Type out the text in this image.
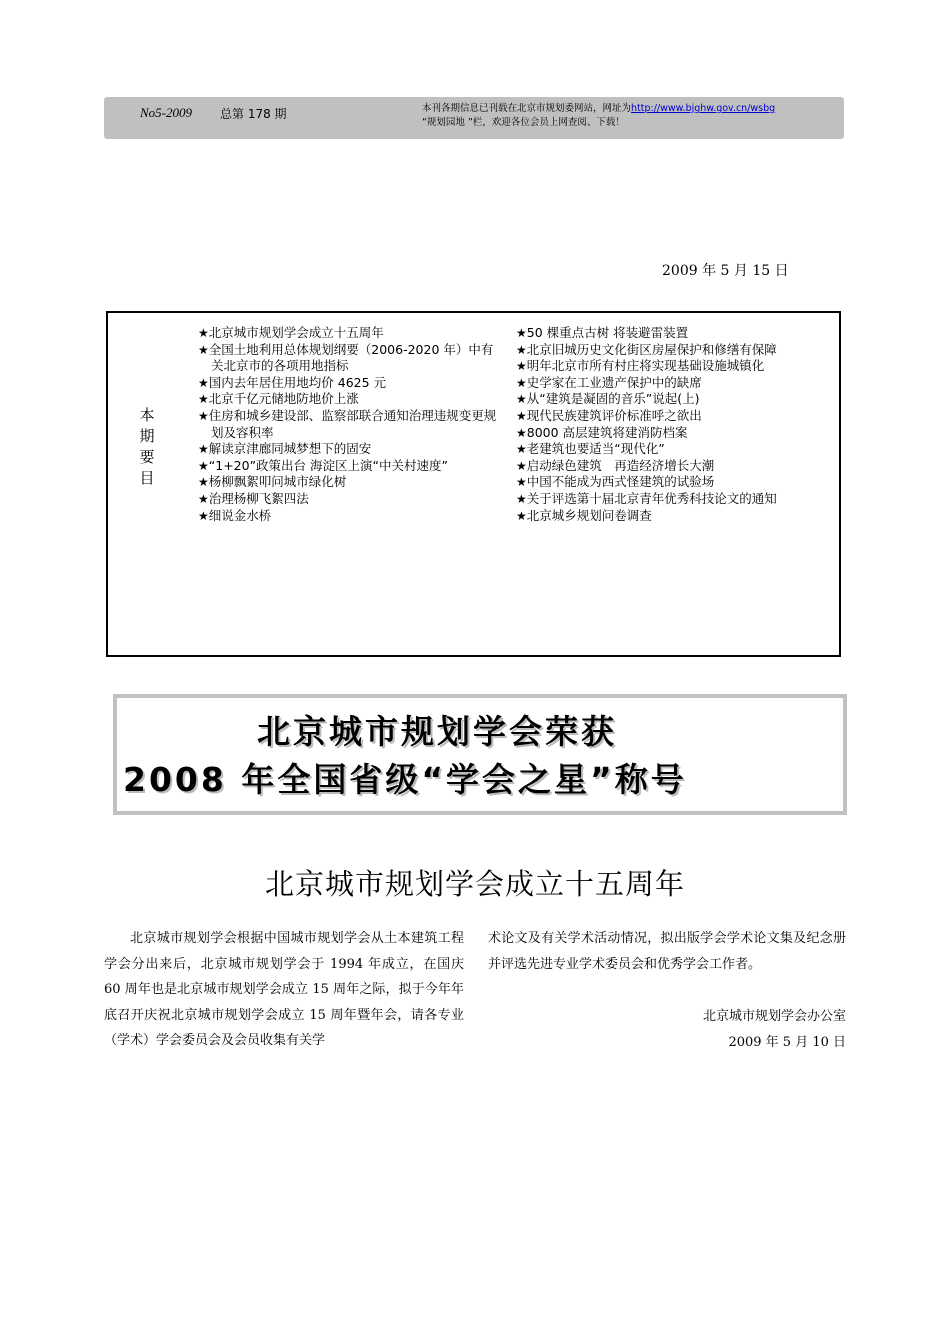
No5-2009 总第 178 期	本刊各期信息已刊载在北京市规划委网站，网址为http://www.bjghw.gov.cn/wsbg
“规划园地 ”栏，欢迎各位会员上网查阅、下载！
2009 年 5 月 15 日
本
期
要
目
★北京城市规划学会成立十五周年
★全国土地利用总体规划纲要（2006-2020 年）中有关北京市的各项用地指标
★国内去年居住用地均价 4625 元
★北京千亿元储地防地价上涨
★住房和城乡建设部、监察部联合通知治理违规变更规划及容积率
★解读京津廊同城梦想下的固安
★“1+20”政策出台 海淀区上演“中关村速度”
★杨柳飘絮叩问城市绿化树
★治理杨柳飞絮四法
★细说金水桥
★50 棵重点古树 将装避雷装置
★北京旧城历史文化街区房屋保护和修缮有保障
★明年北京市所有村庄将实现基础设施城镇化
★史学家在工业遗产保护中的缺席
★从“建筑是凝固的音乐”说起(上)
★现代民族建筑评价标准呼之欲出
★8000 高层建筑将建消防档案
★老建筑也要适当“现代化”
★启动绿色建筑　再造经济增长大潮
★中国不能成为西式怪建筑的试验场
★关于评选第十届北京青年优秀科技论文的通知
★北京城乡规划问卷调查
北京城市规划学会荣获
2008 年全国省级“学会之星”称号
北京城市规划学会成立十五周年
北京城市规划学会根据中国城市规划学会从土本建筑工程学会分出来后，北京城市规划学会于 1994 年成立，在国庆 60 周年也是北京城市规划学会成立 15 周年之际，拟于今年年底召开庆祝北京城市规划学会成立 15 周年暨年会，请各专业（学术）学会委员会及会员收集有关学
术论文及有关学术活动情况，拟出版学会学术论文集及纪念册并评选先进专业学术委员会和优秀学会工作者。
北京城市规划学会办公室
2009 年 5 月 10 日
